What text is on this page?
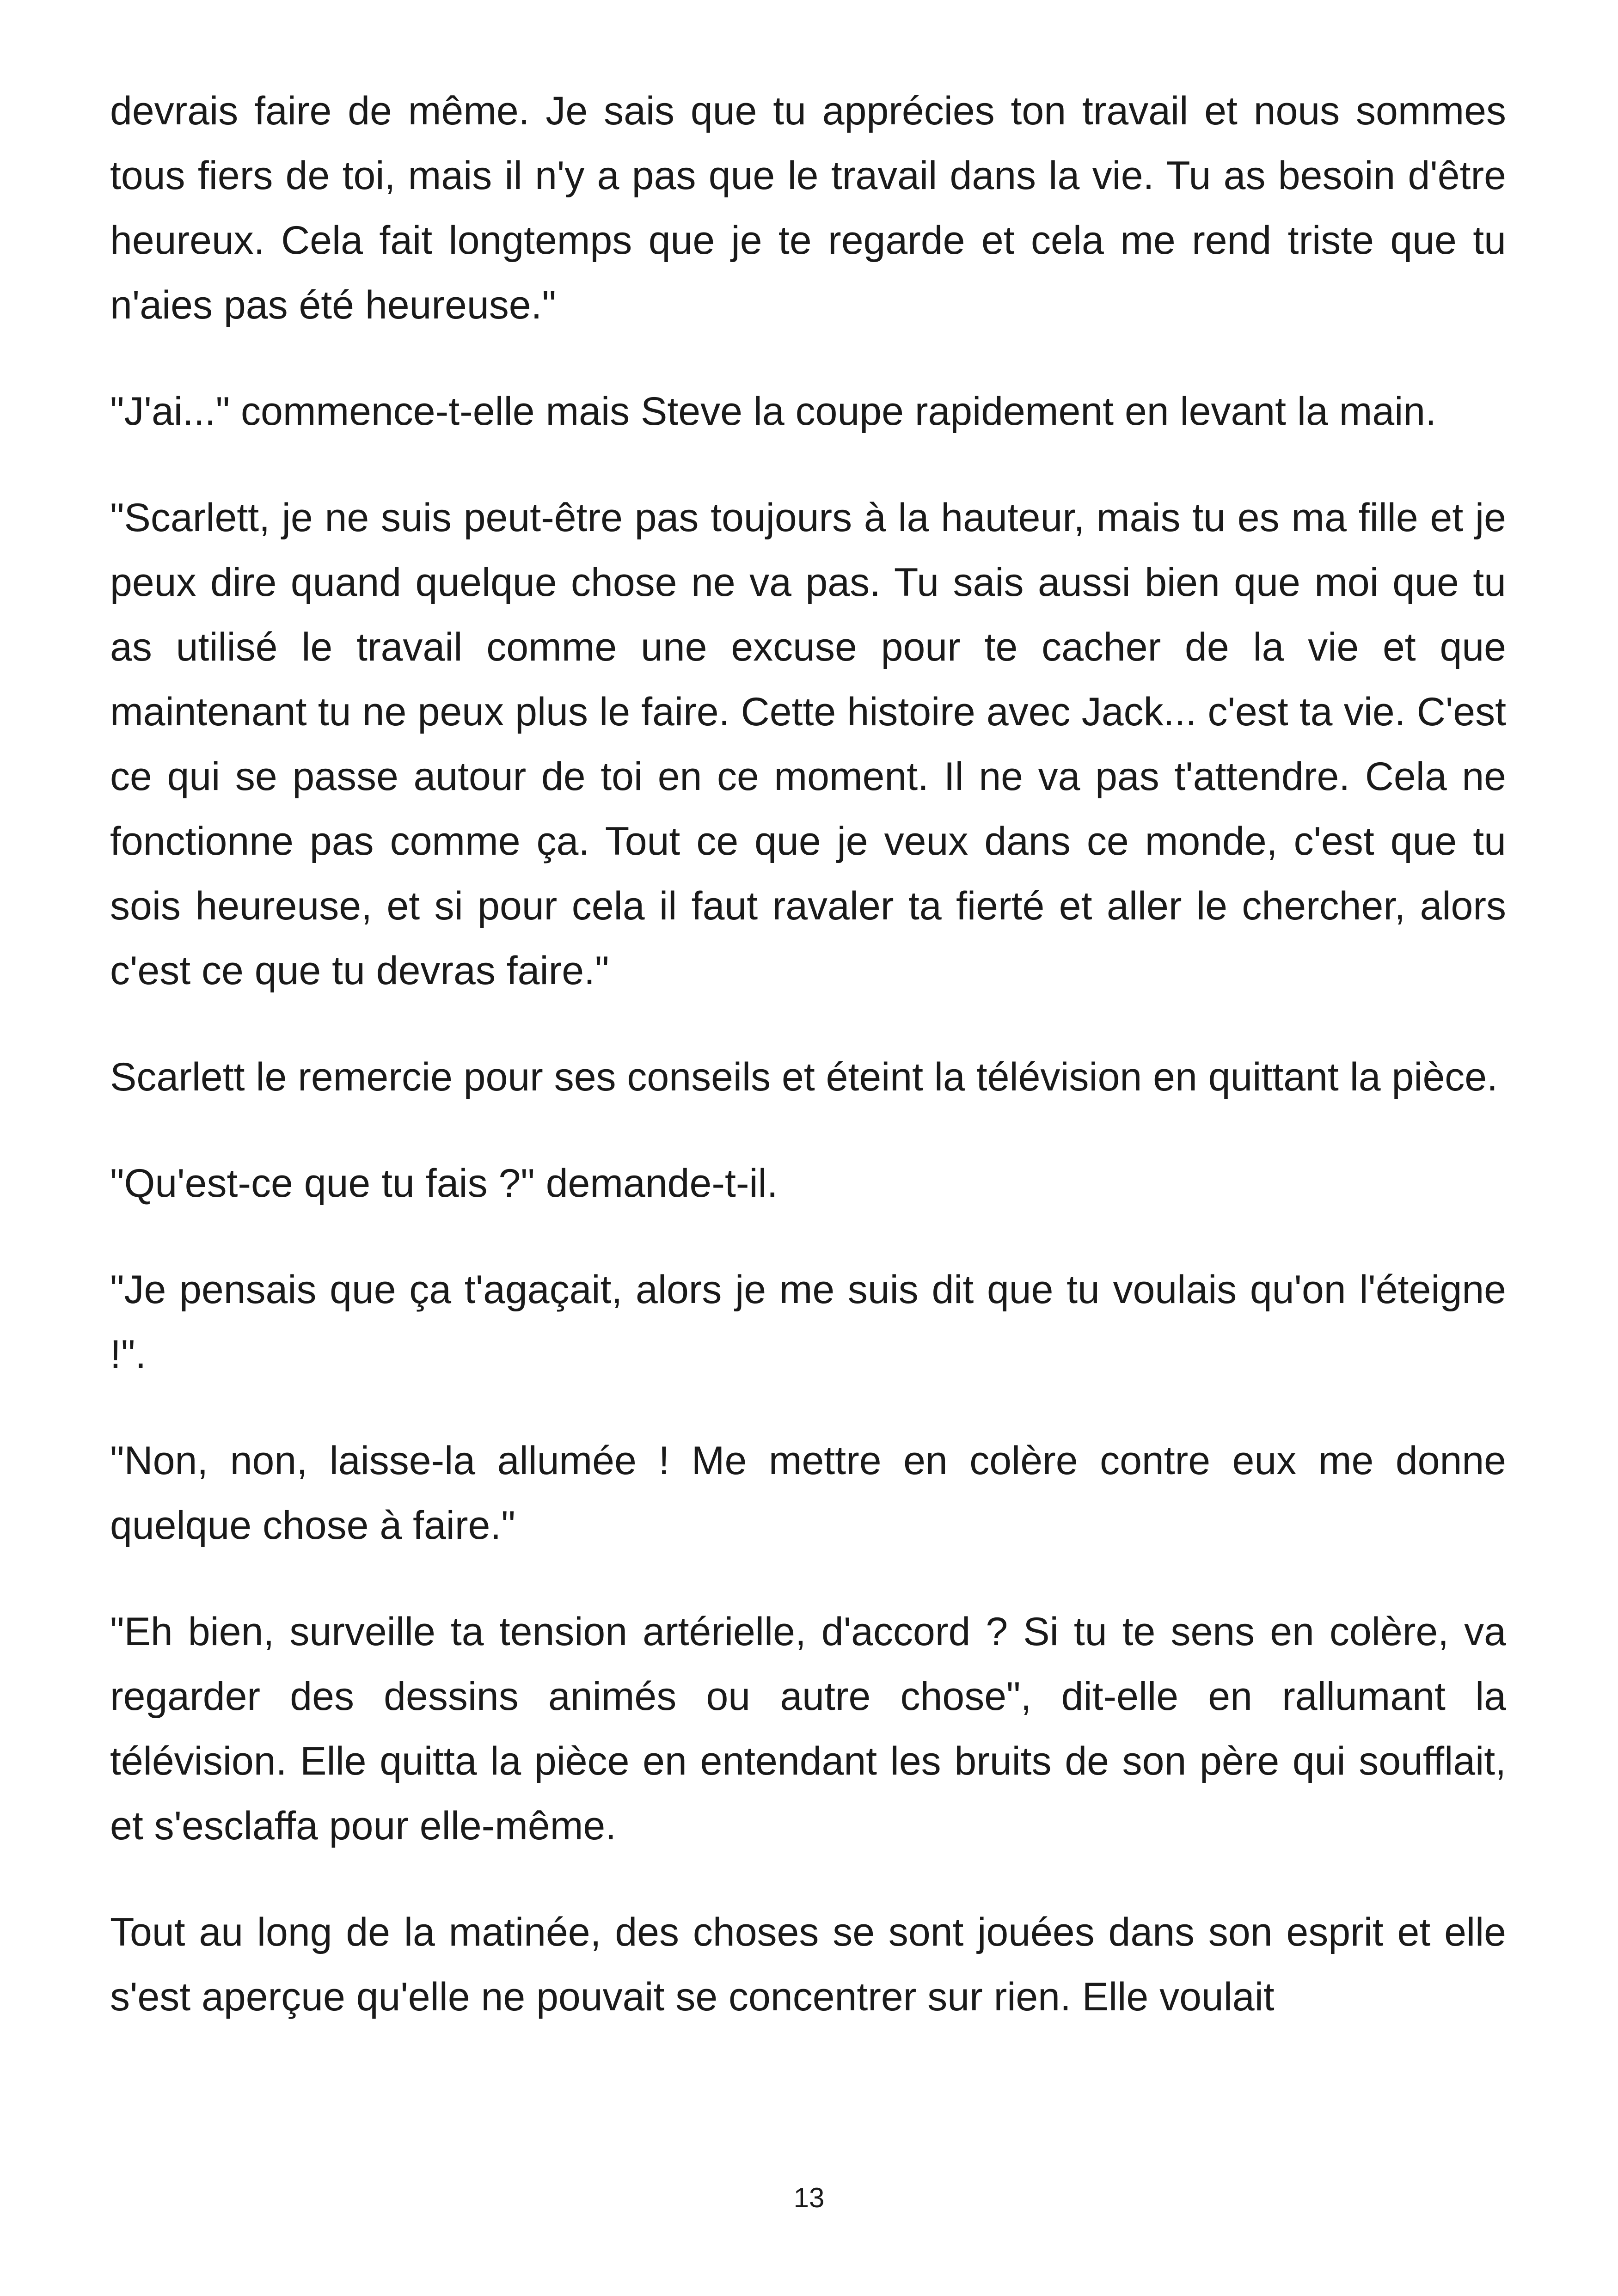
devrais faire de même. Je sais que tu apprécies ton travail et nous sommes tous fiers de toi, mais il n'y a pas que le travail dans la vie. Tu as besoin d'être heureux. Cela fait longtemps que je te regarde et cela me rend triste que tu n'aies pas été heureuse."

"J'ai..." commence-t-elle mais Steve la coupe rapidement en levant la main.

"Scarlett, je ne suis peut-être pas toujours à la hauteur, mais tu es ma fille et je peux dire quand quelque chose ne va pas. Tu sais aussi bien que moi que tu as utilisé le travail comme une excuse pour te cacher de la vie et que maintenant tu ne peux plus le faire. Cette histoire avec Jack... c'est ta vie. C'est ce qui se passe autour de toi en ce moment. Il ne va pas t'attendre. Cela ne fonctionne pas comme ça. Tout ce que je veux dans ce monde, c'est que tu sois heureuse, et si pour cela il faut ravaler ta fierté et aller le chercher, alors c'est ce que tu devras faire."

Scarlett le remercie pour ses conseils et éteint la télévision en quittant la pièce.

"Qu'est-ce que tu fais ?" demande-t-il.

"Je pensais que ça t'agaçait, alors je me suis dit que tu voulais qu'on l'éteigne !".

"Non, non, laisse-la allumée ! Me mettre en colère contre eux me donne quelque chose à faire."

"Eh bien, surveille ta tension artérielle, d'accord ? Si tu te sens en colère, va regarder des dessins animés ou autre chose", dit-elle en rallumant la télévision. Elle quitta la pièce en entendant les bruits de son père qui soufflait, et s'esclaffa pour elle-même.

Tout au long de la matinée, des choses se sont jouées dans son esprit et elle s'est aperçue qu'elle ne pouvait se concentrer sur rien. Elle voulait

13
